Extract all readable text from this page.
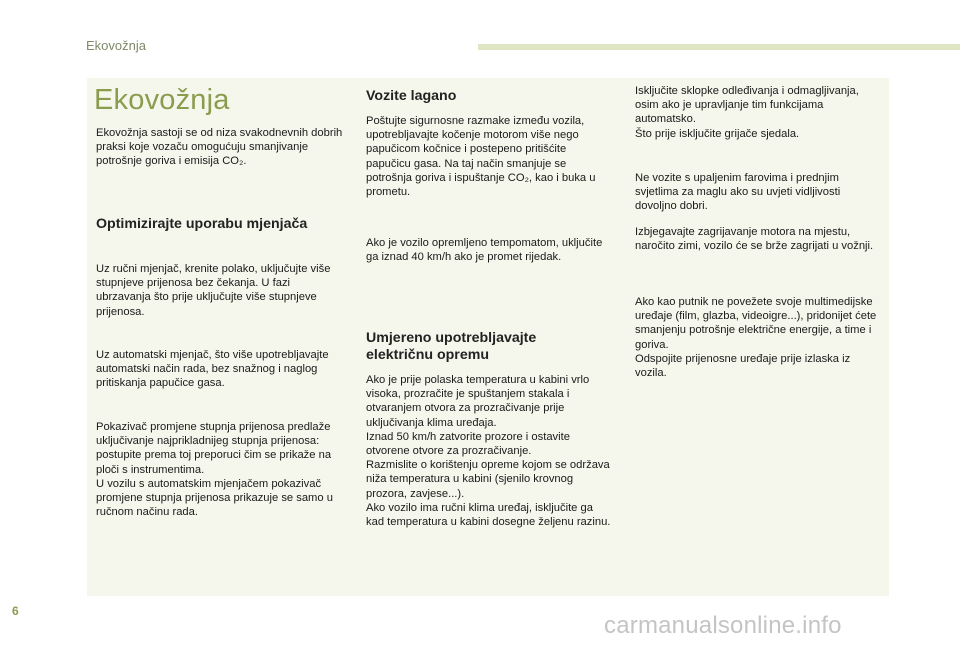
Ekovožnja
Ekovožnja

Ekovožnja sastoji se od niza svakodnevnih dobrih praksi koje vozaču omogućuju smanjivanje potrošnje goriva i emisija CO₂.

Optimizirajte uporabu mjenjača

Uz ručni mjenjač, krenite polako, uključujte više stupnjeve prijenosa bez čekanja. U fazi ubrzavanja što prije uključujte više stupnjeve prijenosa.

Uz automatski mjenjač, što više upotrebljavajte automatski način rada, bez snažnog i naglog pritiskanja papučice gasa.

Pokazivač promjene stupnja prijenosa predlaže uključivanje najprikladnijeg stupnja prijenosa: postupite prema toj preporuci čim se prikaže na ploči s instrumentima.
U vozilu s automatskim mjenjačem pokazivač promjene stupnja prijenosa prikazuje se samo u ručnom načinu rada.

Vozite lagano

Poštujte sigurnosne razmake između vozila, upotrebljavajte kočenje motorom više nego papučicom kočnice i postepeno pritišćite papučicu gasa. Na taj način smanjuje se potrošnja goriva i ispuštanje CO₂, kao i buka u prometu.

Ako je vozilo opremljeno tempomatom, uključite ga iznad 40 km/h ako je promet rijedak.

Umjereno upotrebljavajte
električnu opremu

Ako je prije polaska temperatura u kabini vrlo visoka, prozračite je spuštanjem stakala i otvaranjem otvora za prozračivanje prije uključivanja klima uređaja.
Iznad 50 km/h zatvorite prozore i ostavite otvorene otvore za prozračivanje.
Razmislite o korištenju opreme kojom se održava niža temperatura u kabini (sjenilo krovnog prozora, zavjese...).
Ako vozilo ima ručni klima uređaj, isključite ga kad temperatura u kabini dosegne željenu razinu.

Isključite sklopke odleđivanja i odmagljivanja, osim ako je upravljanje tim funkcijama automatsko.
Što prije isključite grijače sjedala.

Ne vozite s upaljenim farovima i prednjim svjetlima za maglu ako su uvjeti vidljivosti dovoljno dobri.

Izbjegavajte zagrijavanje motora na mjestu, naročito zimi, vozilo će se brže zagrijati u vožnji.

Ako kao putnik ne povežete svoje multimedijske uređaje (film, glazba, videoigre...), pridonijet ćete smanjenju potrošnje električne energije, a time i goriva.
Odspojite prijenosne uređaje prije izlaska iz vozila.

6
carmanualsonline.info
